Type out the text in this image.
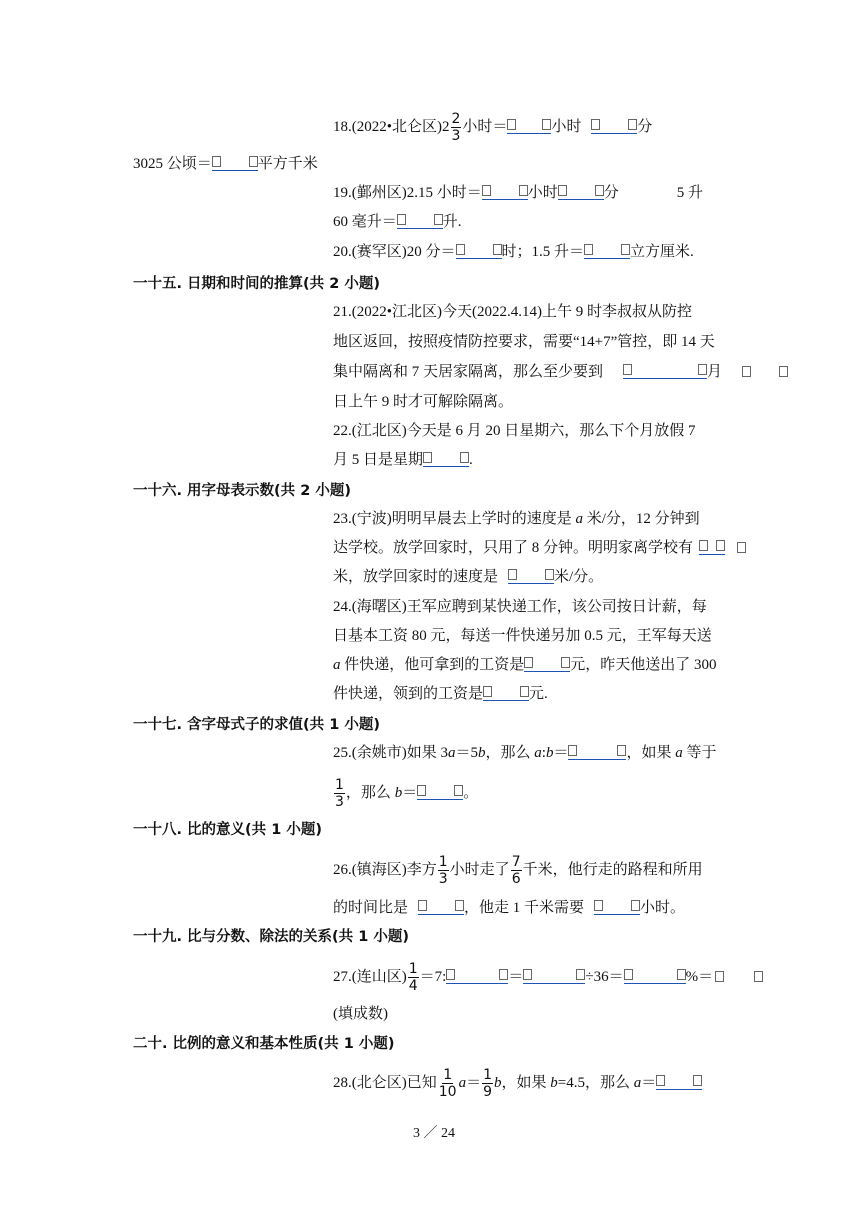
18.(2022•北仑区)$2 \frac{2}{3}$ 小时＝	小时	分
3025 公顷＝	平方千米
19.(鄞州区)2.15 小时＝	小时	分	5 升
60 毫升＝	升.
20.(赛罕区)20 分＝	时；1.5 升＝	立方厘米.
一十五. 日期和时间的推算(共 2 小题)
21.(2022•江北区)今天(2022.4.14)上午 9 时李叔叔从防控
地区返回，按照疫情防控要求，需要“14+7”管控，即 14 天
集中隔离和 7 天居家隔离，那么至少要到	月
日上午 9 时才可解除隔离。
22.(江北区)今天是 6 月 20 日星期六，那么下个月放假 7
月 5 日是星期	.
一十六. 用字母表示数(共 2 小题)
23.(宁波)明明早晨去上学时的速度是 a 米/分，12 分钟到
达学校。放学回家时，只用了 8 分钟。明明家离学校有
米，放学回家时的速度是	米/分。
24.(海曙区)王军应聘到某快递工作，该公司按日计薪，每
日基本工资 80 元，每送一件快递另加 0.5 元，王军每天送
a 件快递，他可拿到的工资是	元，昨天他送出了 300
件快递，领到的工资是	元.
一十七. 含字母式子的求值(共 1 小题)
25.(余姚市)如果 3a＝5b，那么 a:b＝	，如果 a 等于
$\frac{1}{3}$ ，那么 b＝	。
一十八. 比的意义(共 1 小题)
26.(镇海区)李方 $\frac{1}{3}$ 小时走了 $\frac{7}{6}$ 千米，他行走的路程和所用
的时间比是	，他走 1 千米需要	小时。
一十九. 比与分数、除法的关系(共 1 小题)
27.(连山区) $\frac{1}{4} =7$:	＝	÷36＝	%＝
(填成数)
二十. 比例的意义和基本性质(共 1 小题)
28.(北仑区)已知 $\frac{1}{10} a= \frac{1}{9}$ b，如果 b=4.5，那么 a＝
3 ／ 24
